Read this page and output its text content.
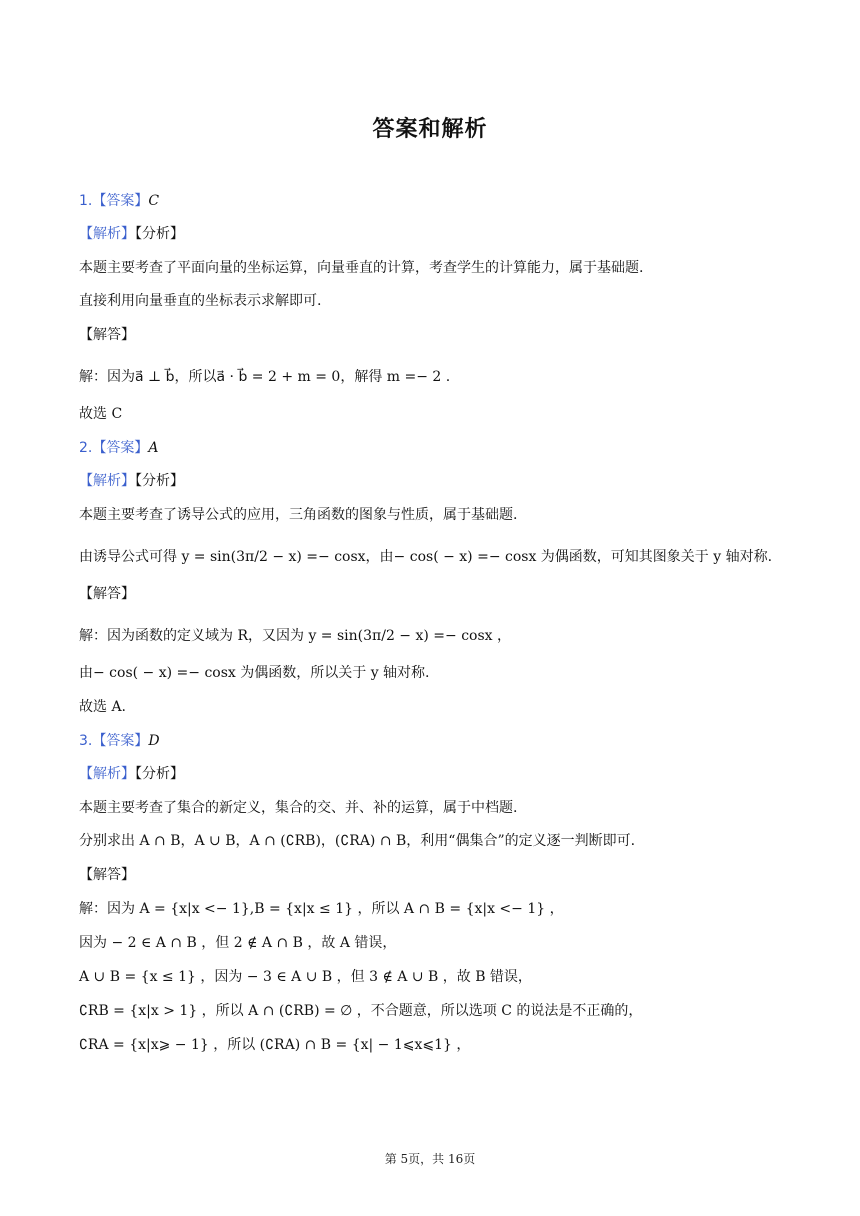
答案和解析
1.【答案】C
【解析】【分析】
本题主要考查了平面向量的坐标运算，向量垂直的计算，考查学生的计算能力，属于基础题.
直接利用向量垂直的坐标表示求解即可.
【解答】
解：因为a⃗ ⊥ b⃗，所以a⃗ · b⃗ = 2 + m = 0，解得 m =− 2 .
故选 C
2.【答案】A
【解析】【分析】
本题主要考查了诱导公式的应用，三角函数的图象与性质，属于基础题.
由诱导公式可得 y = sin(3π/2 − x) =− cosx，由− cos( − x) =− cosx 为偶函数，可知其图象关于 y 轴对称.
【解答】
解：因为函数的定义域为 R，又因为 y = sin(3π/2 − x) =− cosx ，
由− cos( − x) =− cosx 为偶函数，所以关于 y 轴对称.
故选 A.
3.【答案】D
【解析】【分析】
本题主要考查了集合的新定义，集合的交、并、补的运算，属于中档题.
分别求出 A ∩ B，A ∪ B，A ∩ (∁RB)，(∁RA) ∩ B，利用“偶集合”的定义逐一判断即可.
【解答】
解：因为 A = {x|x <− 1},B = {x|x ≤ 1} ，所以 A ∩ B = {x|x <− 1} ，
因为 − 2 ∈ A ∩ B ，但 2 ∉ A ∩ B ，故 A 错误，
A ∪ B = {x ≤ 1} ，因为 − 3 ∈ A ∪ B ，但 3 ∉ A ∪ B ，故 B 错误，
∁RB = {x|x > 1} ，所以 A ∩ (∁RB) = ∅ ，不合题意，所以选项 C 的说法是不正确的，
∁RA = {x|x⩾ − 1} ，所以 (∁RA) ∩ B = {x| − 1⩽x⩽1} ，
第 5页，共 16页
